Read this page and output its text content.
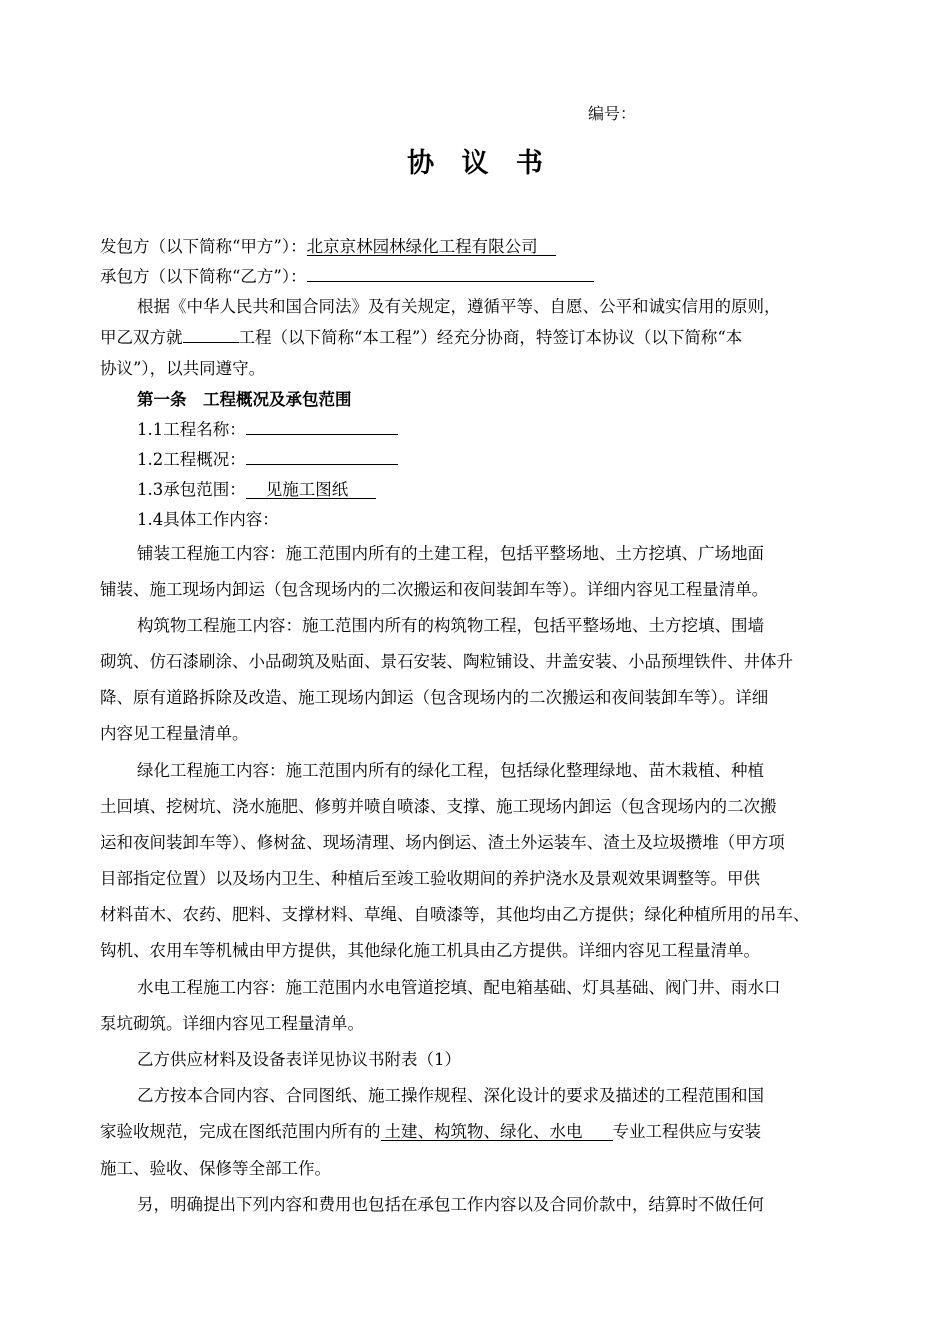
编号：
协 议 书
发包方（以下简称“甲方”）：北京京林园林绿化工程有限公司
承包方（以下简称“乙方”）：
根据《中华人民共和国合同法》及有关规定，遵循平等、自愿、公平和诚实信用的原则，
甲乙双方就	工程（以下简称“本工程”）经充分协商，特签订本协议（以下简称“本
协议”），以共同遵守。
第一条　工程概况及承包范围
1.1工程名称：
1.2工程概况：
1.3承包范围： 见施工图纸
1.4具体工作内容：
铺装工程施工内容：施工范围内所有的土建工程，包括平整场地、土方挖填、广场地面
铺装、施工现场内卸运（包含现场内的二次搬运和夜间装卸车等）。详细内容见工程量清单。
构筑物工程施工内容：施工范围内所有的构筑物工程，包括平整场地、土方挖填、围墙
砌筑、仿石漆刷涂、小品砌筑及贴面、景石安装、陶粒铺设、井盖安装、小品预埋铁件、井体升
降、原有道路拆除及改造、施工现场内卸运（包含现场内的二次搬运和夜间装卸车等）。详细
内容见工程量清单。
绿化工程施工内容：施工范围内所有的绿化工程，包括绿化整理绿地、苗木栽植、种植
土回填、挖树坑、浇水施肥、修剪并喷自喷漆、支撑、施工现场内卸运（包含现场内的二次搬
运和夜间装卸车等）、修树盆、现场清理、场内倒运、渣土外运装车、渣土及垃圾攒堆（甲方项
目部指定位置）以及场内卫生、种植后至竣工验收期间的养护浇水及景观效果调整等。甲供
材料苗木、农药、肥料、支撑材料、草绳、自喷漆等，其他均由乙方提供；绿化种植所用的吊车、
钩机、农用车等机械由甲方提供，其他绿化施工机具由乙方提供。详细内容见工程量清单。
水电工程施工内容：施工范围内水电管道挖填、配电箱基础、灯具基础、阀门井、雨水口
泵坑砌筑。详细内容见工程量清单。
乙方供应材料及设备表详见协议书附表（1）
乙方按本合同内容、合同图纸、施工操作规程、深化设计的要求及描述的工程范围和国
家验收规范，完成在图纸范围内所有的 土建、构筑物、绿化、水电 专业工程供应与安装
施工、验收、保修等全部工作。
另，明确提出下列内容和费用也包括在承包工作内容以及合同价款中，结算时不做任何
